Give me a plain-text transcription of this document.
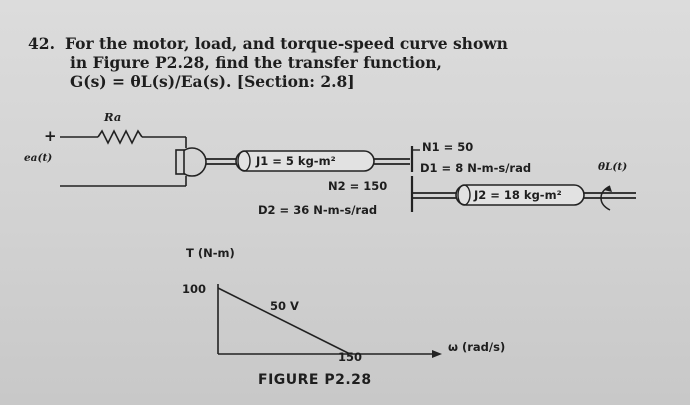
42. For the motor, load, and torque-speed curve shown
in Figure P2.28, find the transfer function,
G(s) = θL(s)/Ea(s). [Section: 2.8]
Ra
+
ea(t)	J1 = 5 kg-m²
N1 = 50
D1 = 8 N-m-s/rad	θL(t)
N2 = 150
D2 = 36 N-m-s/rad
J2 = 18 kg-m²
T (N-m)
100
50 V
150
ω (rad/s)
FIGURE P2.28
